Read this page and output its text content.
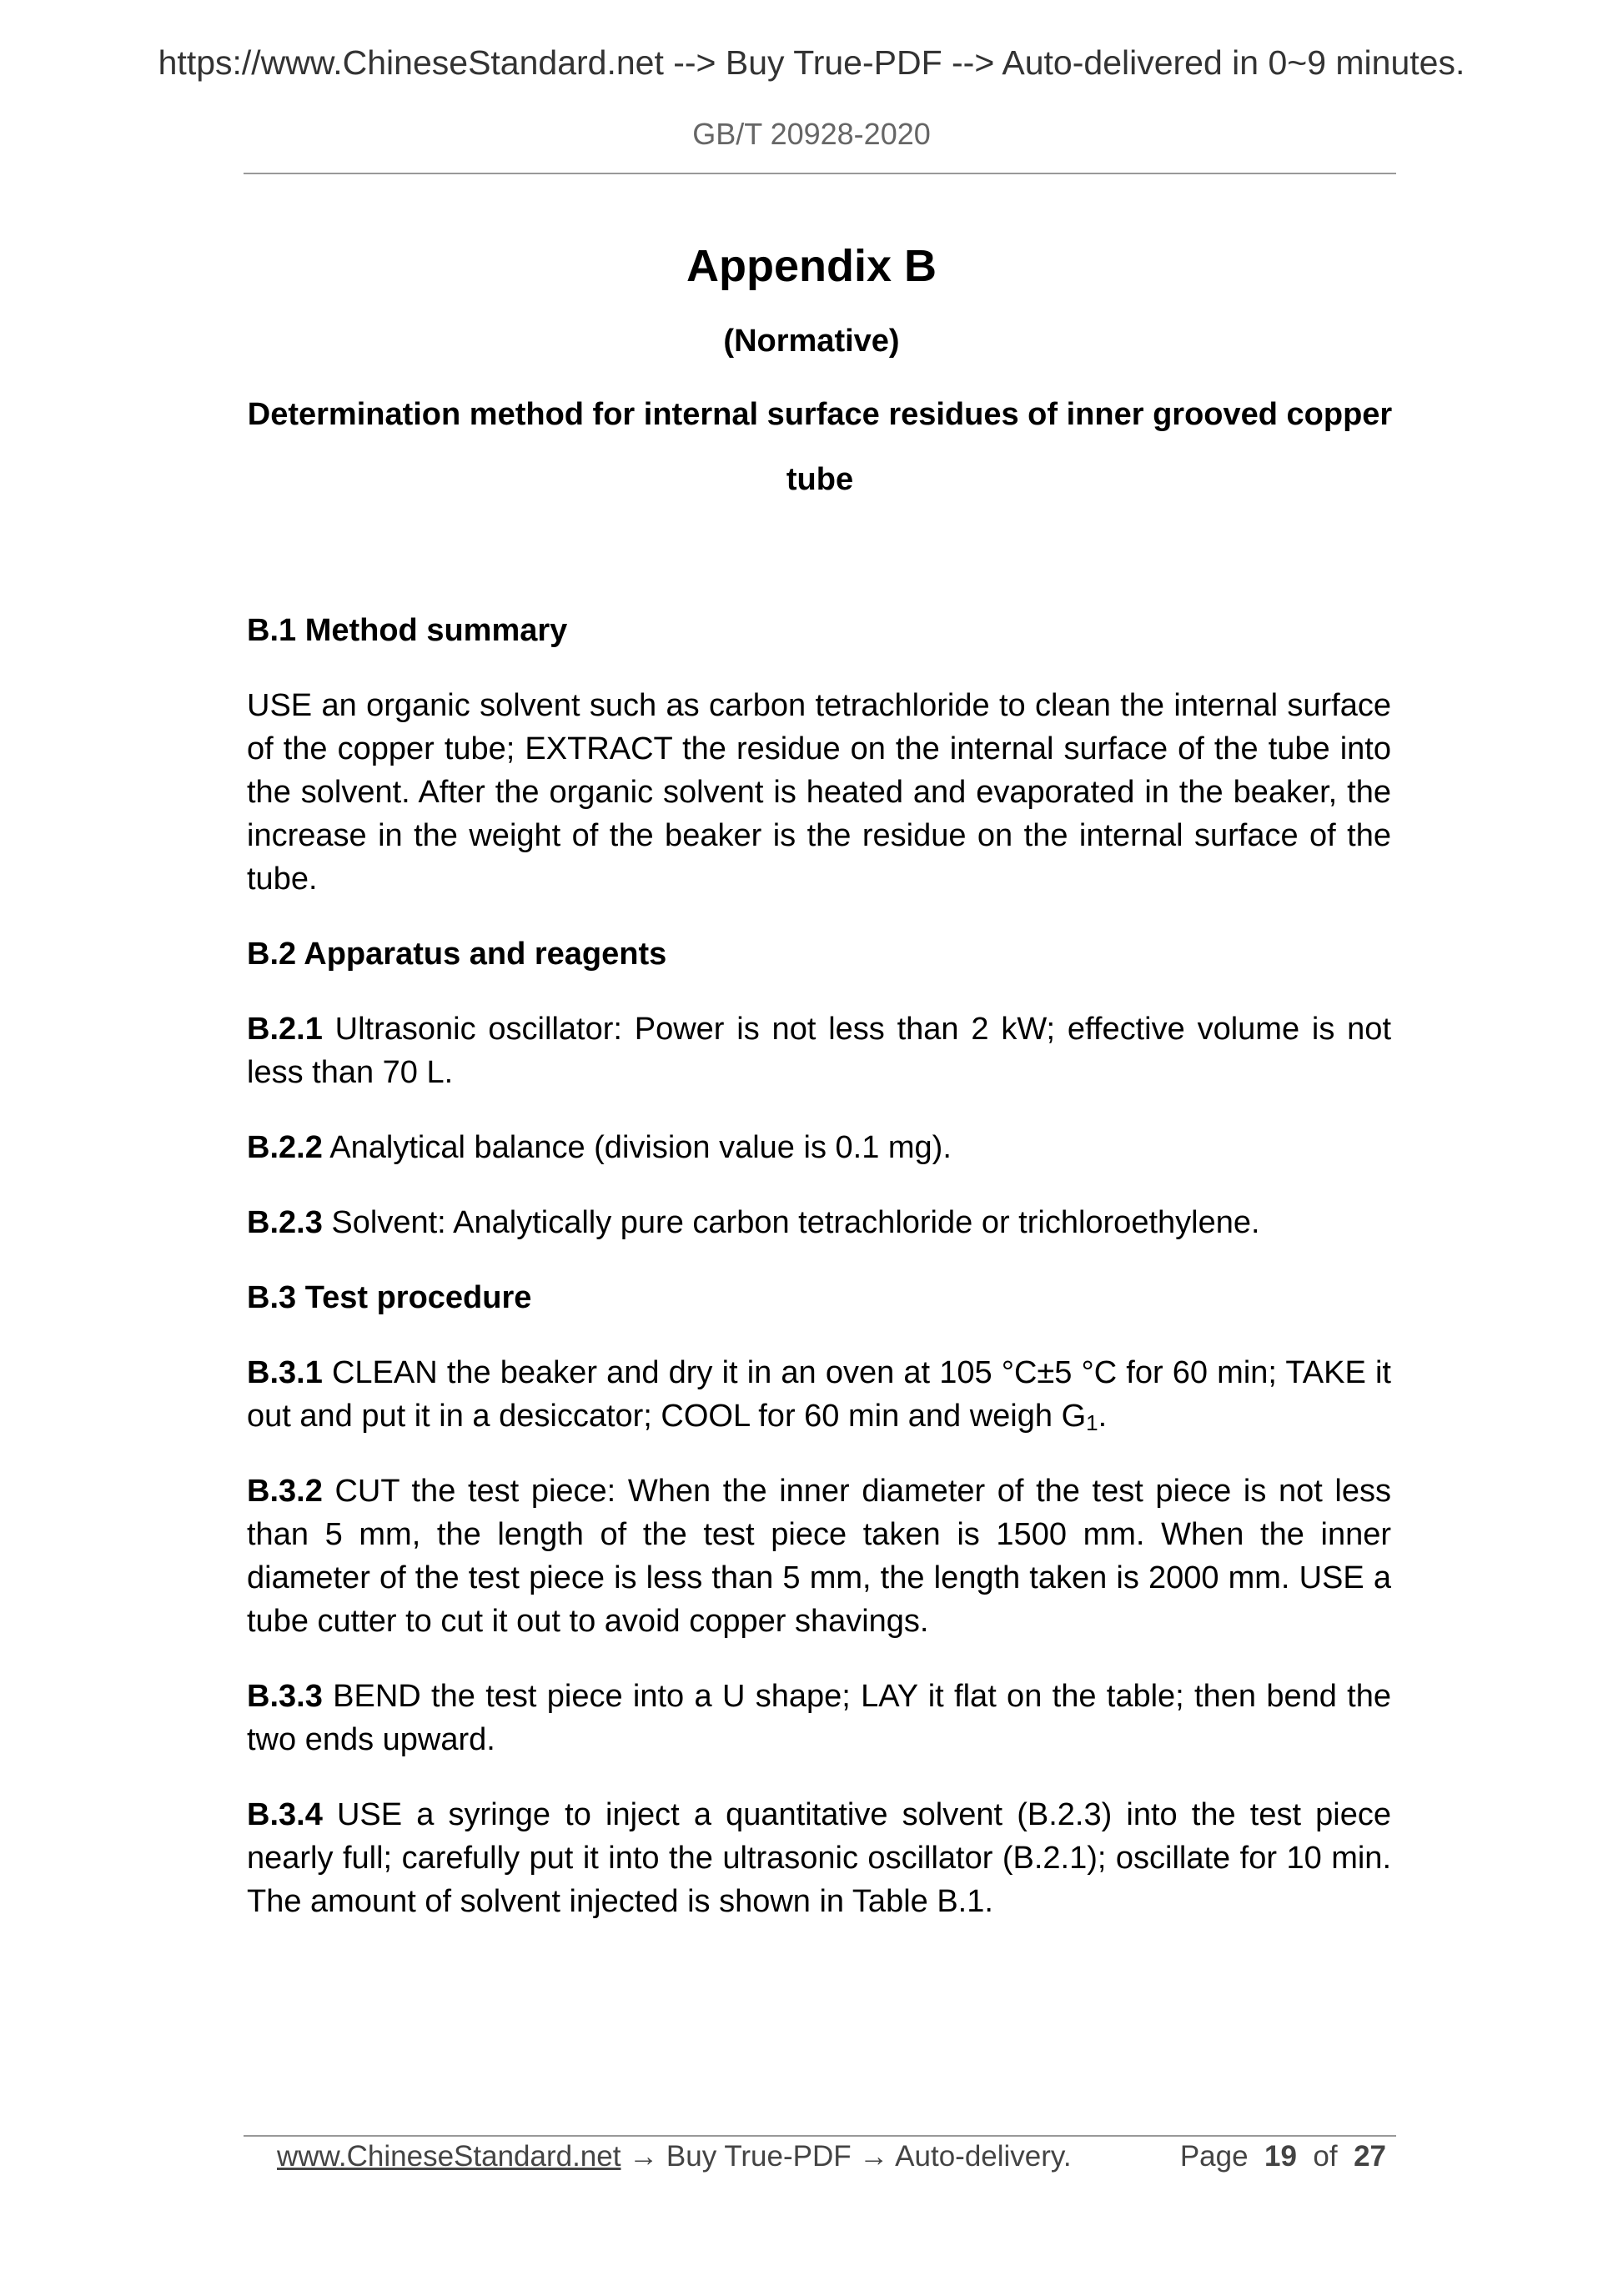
https://www.ChineseStandard.net --> Buy True-PDF --> Auto-delivered in 0~9 minutes.
GB/T 20928-2020
Appendix B
(Normative)
Determination method for internal surface residues of inner grooved copper tube
B.1 Method summary

USE an organic solvent such as carbon tetrachloride to clean the internal surface of the copper tube; EXTRACT the residue on the internal surface of the tube into the solvent. After the organic solvent is heated and evaporated in the beaker, the increase in the weight of the beaker is the residue on the internal surface of the tube.

B.2 Apparatus and reagents

B.2.1 Ultrasonic oscillator: Power is not less than 2 kW; effective volume is not less than 70 L.

B.2.2 Analytical balance (division value is 0.1 mg).

B.2.3 Solvent: Analytically pure carbon tetrachloride or trichloroethylene.

B.3 Test procedure

B.3.1 CLEAN the beaker and dry it in an oven at 105 °C±5 °C for 60 min; TAKE it out and put it in a desiccator; COOL for 60 min and weigh $G_1$.

B.3.2 CUT the test piece: When the inner diameter of the test piece is not less than 5 mm, the length of the test piece taken is 1500 mm. When the inner diameter of the test piece is less than 5 mm, the length taken is 2000 mm. USE a tube cutter to cut it out to avoid copper shavings.

B.3.3 BEND the test piece into a U shape; LAY it flat on the table; then bend the two ends upward.

B.3.4 USE a syringe to inject a quantitative solvent (B.2.3) into the test piece nearly full; carefully put it into the ultrasonic oscillator (B.2.1); oscillate for 10 min. The amount of solvent injected is shown in Table B.1.

www.ChineseStandard.net → Buy True-PDF → Auto-delivery.	Page 19 of 27
